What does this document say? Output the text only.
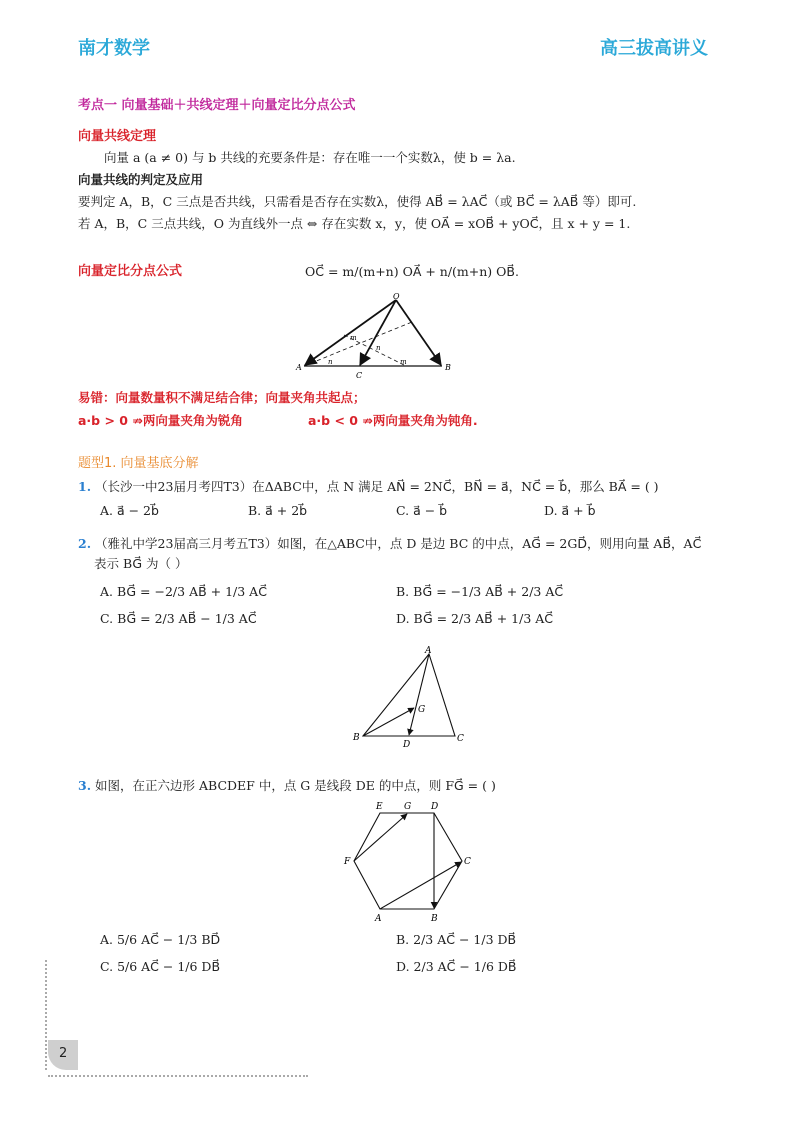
南才数学	高三拔高讲义
考点一 向量基础＋共线定理＋向量定比分点公式
向量共线定理
向量 a (a ≠ 0) 与 b 共线的充要条件是：存在唯一一个实数λ，使 b = λa.
向量共线的判定及应用
要判定 A，B，C 三点是否共线，只需看是否存在实数λ，使得 AB⃗ = λAC⃗（或 BC⃗ = λAB⃗ 等）即可.
若 A，B，C 三点共线，O 为直线外一点 ⇔ 存在实数 x，y，使 OA⃗ = xOB⃗ + yOC⃗，且 x + y = 1.
向量定比分点公式	OC⃗ = m/(m+n) OA⃗ + n/(m+n) OB⃗.
O
A	B
C
n	m
n
m
易错：向量数量积不满足结合律；向量夹角共起点；
a·b > 0 ⇏两向量夹角为锐角	a·b < 0 ⇏两向量夹角为钝角.
题型1. 向量基底分解
1. （长沙一中23届月考四T3）在ΔABC中，点 N 满足 AN⃗ = 2NC⃗，BN⃗ = a⃗，NC⃗ = b⃗，那么 BA⃗ = ( )
A. a⃗ − 2b⃗	B. a⃗ + 2b⃗	C. a⃗ − b⃗	D. a⃗ + b⃗
2. （雅礼中学23届高三月考五T3）如图，在△ABC中，点 D 是边 BC 的中点，AG⃗ = 2GD⃗，则用向量 AB⃗，AC⃗
表示 BG⃗ 为（ ）
A. BG⃗ = −2/3 AB⃗ + 1/3 AC⃗	B. BG⃗ = −1/3 AB⃗ + 2/3 AC⃗
C. BG⃗ = 2/3 AB⃗ − 1/3 AC⃗	D. BG⃗ = 2/3 AB⃗ + 1/3 AC⃗
A
B	C
D
G
3. 如图，在正六边形 ABCDEF 中，点 G 是线段 DE 的中点，则 FG⃗ = ( )
A	B
C
D
E
F
G
A. 5/6 AC⃗ − 1/3 BD⃗	B. 2/3 AC⃗ − 1/3 DB⃗
C. 5/6 AC⃗ − 1/6 DB⃗	D. 2/3 AC⃗ − 1/6 DB⃗
2
